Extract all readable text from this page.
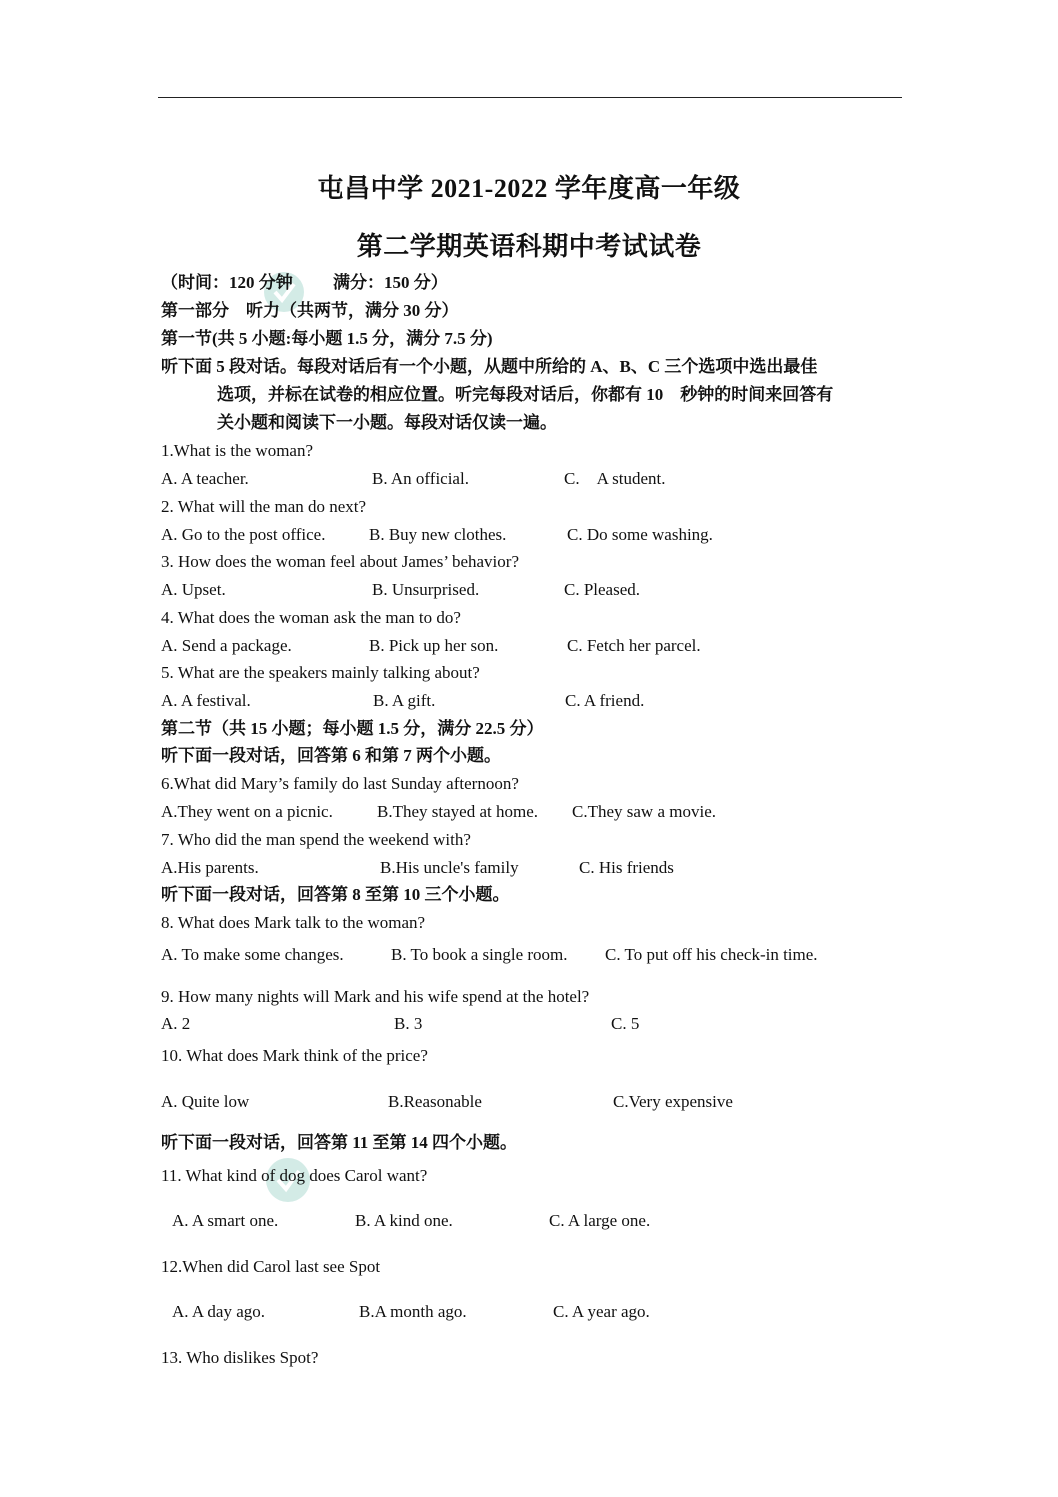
屯昌中学 2021-2022 学年度高一年级
第二学期英语科期中考试试卷
（时间：120 分钟 满分：150 分）
第一部分　听力（共两节，满分 30 分）
第一节(共 5 小题:每小题 1.5 分，满分 7.5 分)
听下面 5 段对话。每段对话后有一个小题，从题中所给的 A、B、C 三个选项中选出最佳
选项，并标在试卷的相应位置。听完每段对话后，你都有 10　秒钟的时间来回答有
关小题和阅读下一小题。每段对话仅读一遍。
1.What is the woman?
A. A teacher.	B. An official.	C.　A student.
2. What will the man do next?
A. Go to the post office.	B. Buy new clothes.	C. Do some washing.
3. How does the woman feel about James’ behavior?
A. Upset.	B. Unsurprised.	C. Pleased.
4. What does the woman ask the man to do?
A. Send a package.	B. Pick up her son.	C. Fetch her parcel.
5. What are the speakers mainly talking about?
A. A festival.	B. A gift.	C. A friend.
第二节（共 15 小题；每小题 1.5 分，满分 22.5 分）
听下面一段对话，回答第 6 和第 7 两个小题。
6.What did Mary’s family do last Sunday afternoon?
A.They went on a picnic.	B.They stayed at home. C.They saw a movie.
7. Who did the man spend the weekend with?
A.His parents.	B.His uncle's family	C. His friends
听下面一段对话，回答第 8 至第 10 三个小题。
8. What does Mark talk to the woman?
A. To make some changes.	B. To book a single room. C. To put off his check-in time.
9. How many nights will Mark and his wife spend at the hotel?
A. 2	B. 3	C. 5
10. What does Mark think of the price?
A. Quite low	B.Reasonable	C.Very expensive
听下面一段对话，回答第 11 至第 14 四个小题。
11. What kind of dog does Carol want?
A. A smart one.	B. A kind one.	C. A large one.
12.When did Carol last see Spot
A. A day ago.	B.A month ago.	C. A year ago.
13. Who dislikes Spot?
